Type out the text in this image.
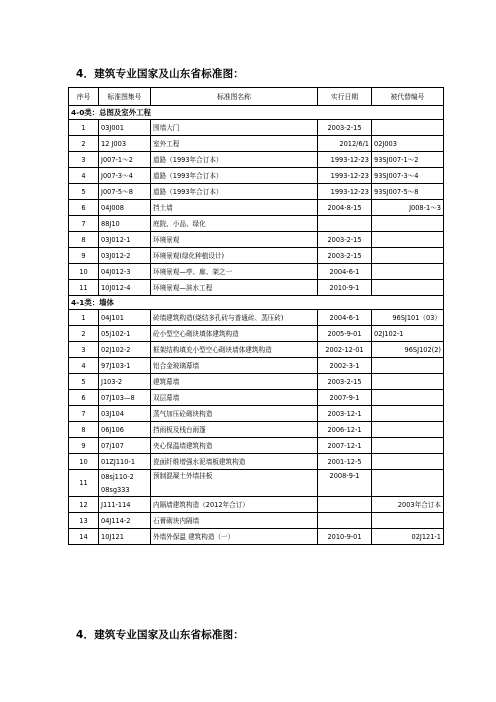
4．建筑专业国家及山东省标准图：
序号	标准图集号	标准图名称	实行日期	被代替编号
4-0类：总图及室外工程				
1	03J001	围墙大门	2003-2-15	
2	12 J003	室外工程	2012/6/1	02J003
3	J007-1～2	道路（1993年合订本）	1993-12-23	93SJ007-1～2
4	J007-3～4	道路（1993年合订本）	1993-12-23	93SJ007-3～4
5	J007-5～8	道路（1993年合订本）	1993-12-23	93SJ007-5～8
6	04J008	挡土墙	2004-8-15	J008-1～3
7	88J10	庭院、小品、绿化		
8	03J012-1	环境景观	2003-2-15	
9	03J012-2	环境景观(绿化种植设计)	2003-2-15	
10	04J012-3	环境景观—亭、廊、架之一	2004-6-1	
11	10J012-4	环境景观—滨水工程	2010-9-1	
4-1类：墙体				
1	04J101	砖墙建筑构造(烧结多孔砖与普通砖、蒸压砖)	2004-6-1	96SJ101（03）
2	05j102-1	砼小型空心砌块填体建筑构造	2005-9-01	02J102-1
3	02J102-2	框架结构填充小型空心砌块墙体建筑构造	2002-12-01	96SJ102(2)
4	97J103-1	铝合金玻璃幕墙	2002-3-1	
5	J103-2	建筑幕墙	2003-2-15	
6	07J103—8	双层幕墙	2007-9-1	
7	03J104	蒸气加压砼砌块构造	2003-12-1	
8	06J106	挡雨板及栈台雨篷	2006-12-1	
9	07j107	夹心保温墙建筑构造	2007-12-1	
10	01ZJ110-1	瓷面纤维增强水泥墙板建筑构造	2001-12-5	
11	08sj110-2
08sg333	预制混凝土外墙挂板	2008-9-1	
12	J111-114	内隔墙建筑构造（2012年合订）		2003年合订本
13	04J114-2	石膏砌块内隔墙		
14	10J121	外墙外保温 建筑构造（一）	2010-9-01	02J121-1
4．建筑专业国家及山东省标准图：
